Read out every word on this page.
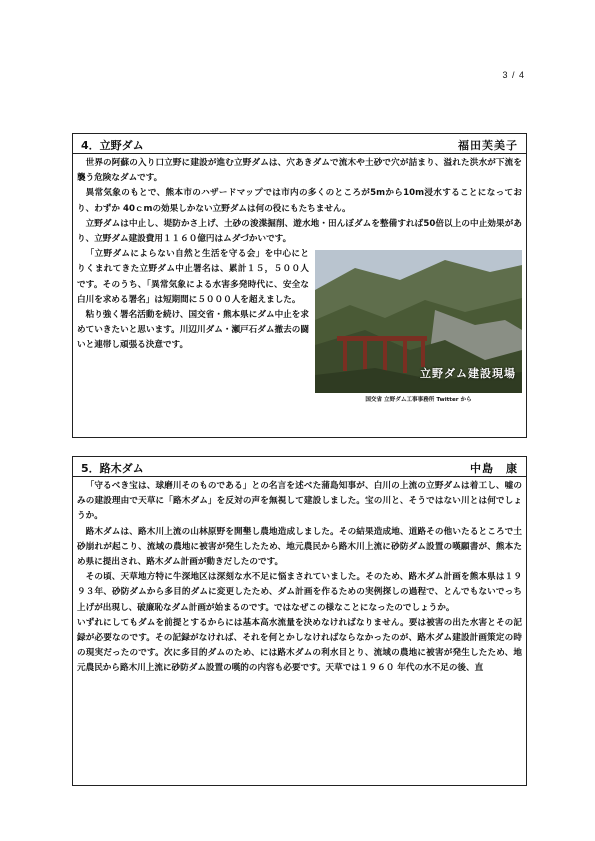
3 / 4
4．立野ダム	福田芙美子

世界の阿蘇の入り口立野に建設が進む立野ダムは、穴あきダムで流木や土砂で穴が詰まり、溢れた洪水が下流を襲う危険なダムです。

異常気象のもとで、熊本市のハザードマップでは市内の多くのところが5mから10m浸水することになっており、わずか 40ｃmの効果しかない立野ダムは何の役にもたちません。

立野ダムは中止し、堤防かさ上げ、土砂の浚渫掘削、遊水地・田んぼダムを整備すれば50倍以上の中止効果があり、立野ダム建設費用１１６０億円はムダづかいです。

立野ダム建設現場
国交省 立野ダム工事事務所 Twitter から

「立野ダムによらない自然と生活を守る会」を中心にとりくまれてきた立野ダム中止署名は、累計１５，５００人です。そのうち、「異常気象による水害多発時代に、安全な白川を求める署名」は短期間に５０００人を超えました。

粘り強く署名活動を続け、国交省・熊本県にダム中止を求めていきたいと思います。川辺川ダム・瀬戸石ダム撤去の闘いと連帯し頑張る決意です。

5．路木ダム	中島　康

「守るべき宝は、球磨川そのものである」との名言を述べた蒲島知事が、白川の上流の立野ダムは着工し、嘘のみの建設理由で天草に「路木ダム」を反対の声を無視して建設しました。宝の川と、そうではない川とは何でしょうか。

路木ダムは、路木川上流の山林原野を開墾し農地造成しました。その結果造成地、道路その他いたるところで土砂崩れが起こり、流域の農地に被害が発生したため、地元農民から路木川上流に砂防ダム設置の嘆願書が、熊本ため県に提出され、路木ダム計画が動きだしたのです。

その頃、天草地方特に牛深地区は深刻な水不足に悩まされていました。そのため、路木ダム計画を熊本県は１９９３年、砂防ダムから多目的ダムに変更したため、ダム計画を作るための実例探しの過程で、とんでもないでっち上げが出現し、破廉恥なダム計画が始まるのです。ではなぜこの様なことになったのでしょうか。

いずれにしてもダムを前提とするからには基本高水流量を決めなければなりません。要は被害の出た水害とその記録が必要なのです。その記録がなければ、それを何とかしなければならなかったのが、路木ダム建設計画策定の時の現実だったのです。次に多目的ダムのため、には路木ダムの利水目とり、流域の農地に被害が発生したため、地元農民から路木川上流に砂防ダム設置の嘆的の内容も必要です。天草では１９６０ 年代の水不足の後、直
